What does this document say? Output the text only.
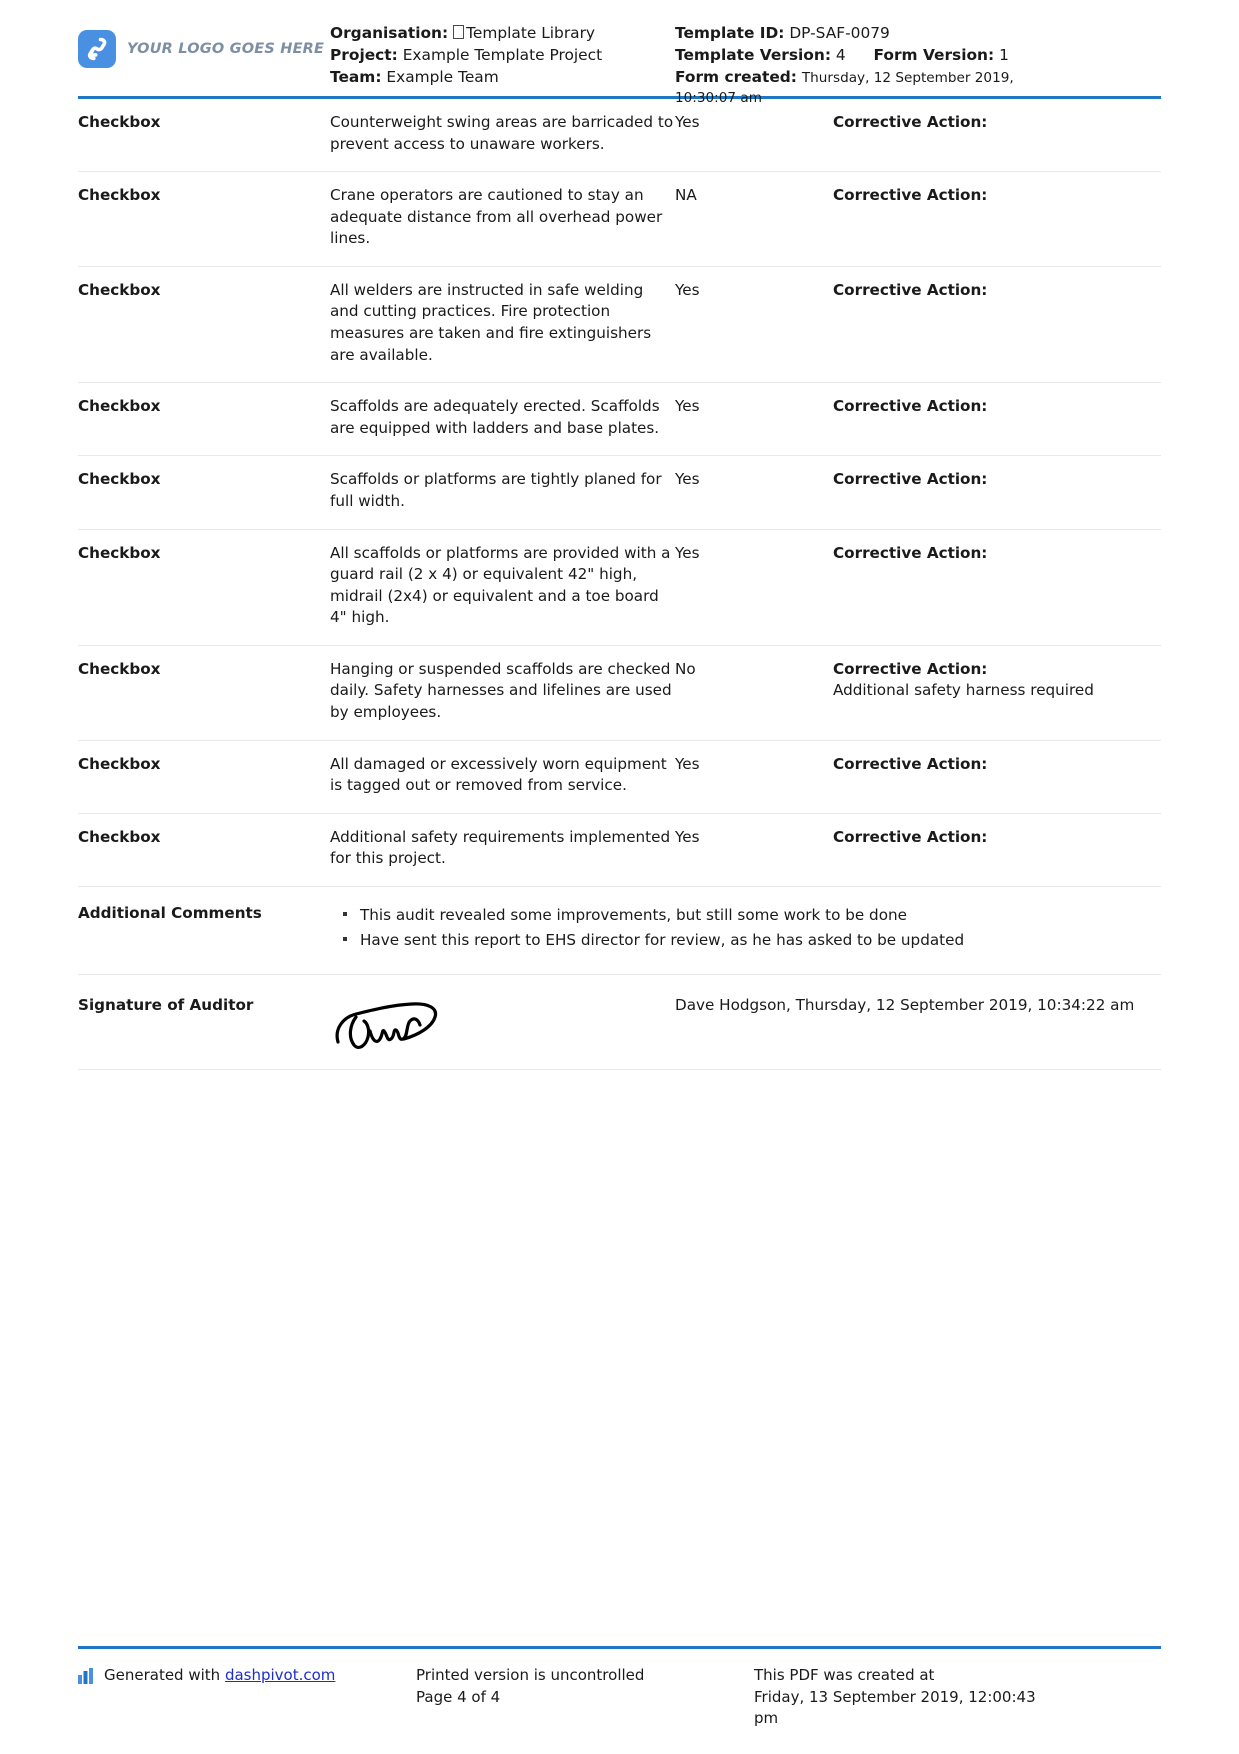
YOUR LOGO GOES HERE
Organisation: Template Library
Project: Example Template Project
Team: Example Team
Template ID: DP-SAF-0079
Template Version: 4 Form Version: 1
Form created: Thursday, 12 September 2019,
10:30:07 am
Checkbox	Counterweight swing areas are barricaded to prevent access to unaware workers.	Yes	Corrective Action:

Checkbox	Crane operators are cautioned to stay an adequate distance from all overhead power lines.	NA	Corrective Action:

Checkbox	All welders are instructed in safe welding and cutting practices. Fire protection measures are taken and fire extinguishers are available.	Yes	Corrective Action:

Checkbox	Scaffolds are adequately erected. Scaffolds are equipped with ladders and base plates.	Yes	Corrective Action:

Checkbox	Scaffolds or platforms are tightly planed for full width.	Yes	Corrective Action:

Checkbox	All scaffolds or platforms are provided with a guard rail (2 x 4) or equivalent 42" high, midrail (2x4) or equivalent and a toe board 4" high.	Yes	Corrective Action:

Checkbox	Hanging or suspended scaffolds are checked daily. Safety harnesses and lifelines are used by employees.	No	Corrective Action:
Additional safety harness required

Checkbox	All damaged or excessively worn equipment is tagged out or removed from service.	Yes	Corrective Action:

Checkbox	Additional safety requirements implemented for this project.	Yes	Corrective Action:

Additional Comments	This audit revealed some improvements, but still some work to be done
Have sent this report to EHS director for review, as he has asked to be updated

Signature of Auditor		Dave Hodgson, Thursday, 12 September 2019, 10:34:22 am	
Generated with dashpivot.com	Printed version is uncontrolled
Page 4 of 4
This PDF was created at
Friday, 13 September 2019, 12:00:43
pm
